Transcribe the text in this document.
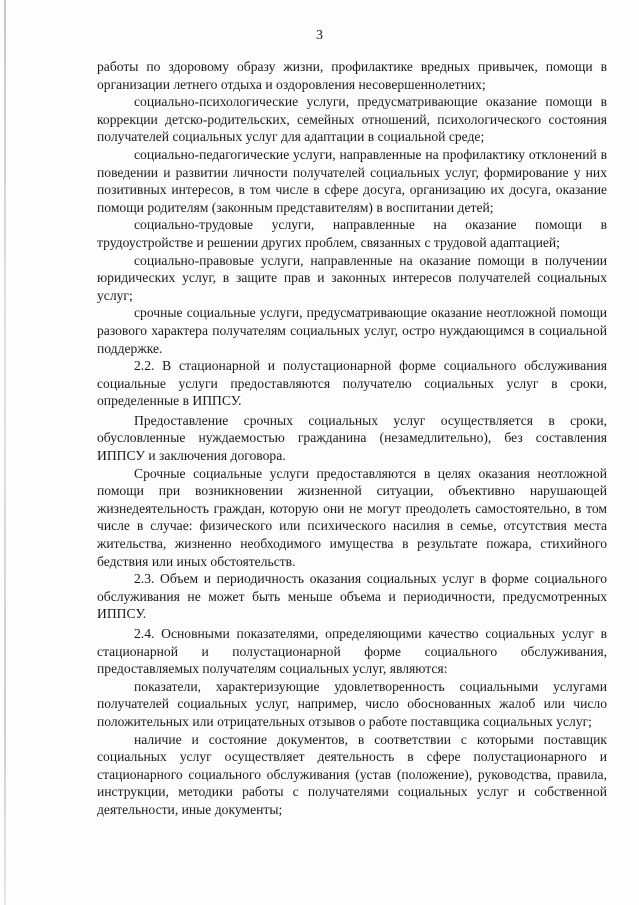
3

работы по здоровому образу жизни, профилактике вредных привычек, помощи в организации летнего отдыха и оздоровления несовершеннолетних;

социально-психологические услуги, предусматривающие оказание помощи в коррекции детско-родительских, семейных отношений, психологического состояния получателей социальных услуг для адаптации в социальной среде;

социально-педагогические услуги, направленные на профилактику отклонений в поведении и развитии личности получателей социальных услуг, формирование у них позитивных интересов, в том числе в сфере досуга, организацию их досуга, оказание помощи родителям (законным представителям) в воспитании детей;

социально-трудовые услуги, направленные на оказание помощи в трудоустройстве и решении других проблем, связанных с трудовой адаптацией;

социально-правовые услуги, направленные на оказание помощи в получении юридических услуг, в защите прав и законных интересов получателей социальных услуг;

срочные социальные услуги, предусматривающие оказание неотложной помощи разового характера получателям социальных услуг, остро нуждающимся в социальной поддержке.

2.2. В стационарной и полустационарной форме социального обслуживания социальные услуги предоставляются получателю социальных услуг в сроки, определенные в ИППСУ.

Предоставление срочных социальных услуг осуществляется в сроки, обусловленные нуждаемостью гражданина (незамедлительно), без составления ИППСУ и заключения договора.

Срочные социальные услуги предоставляются в целях оказания неотложной помощи при возникновении жизненной ситуации, объективно нарушающей жизнедеятельность граждан, которую они не могут преодолеть самостоятельно, в том числе в случае: физического или психического насилия в семье, отсутствия места жительства, жизненно необходимого имущества в результате пожара, стихийного бедствия или иных обстоятельств.

2.3. Объем и периодичность оказания социальных услуг в форме социального обслуживания не может быть меньше объема и периодичности, предусмотренных ИППСУ.

2.4. Основными показателями, определяющими качество социальных услуг в стационарной и полустационарной форме социального обслуживания, предоставляемых получателям социальных услуг, являются:

показатели, характеризующие удовлетворенность социальными услугами получателей социальных услуг, например, число обоснованных жалоб или число положительных или отрицательных отзывов о работе поставщика социальных услуг;

наличие и состояние документов, в соответствии с которыми поставщик социальных услуг осуществляет деятельность в сфере полустационарного и стационарного социального обслуживания (устав (положение), руководства, правила, инструкции, методики работы с получателями социальных услуг и собственной деятельности, иные документы;
